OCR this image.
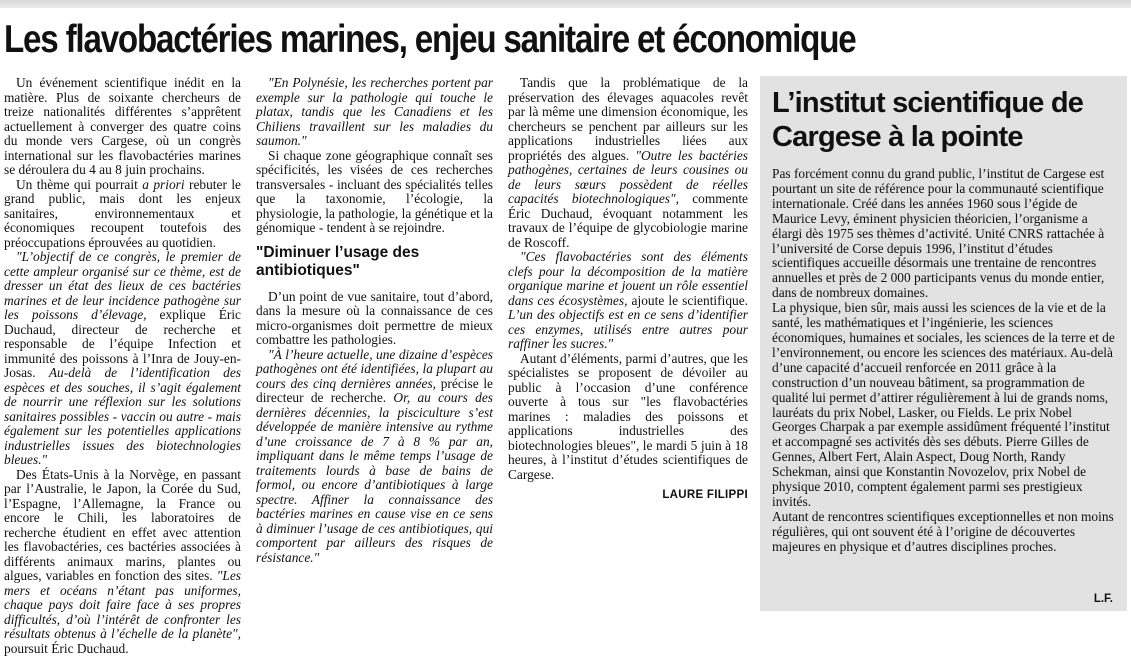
Les flavobactéries marines, enjeu sanitaire et économique

Un événement scientifique inédit en la matière. Plus de soixante chercheurs de treize nationalités différentes s’apprêtent actuellement à converger des quatre coins du monde vers Cargese, où un congrès international sur les flavobactéries marines se déroulera du 4 au 8 juin prochains.

Un thème qui pourrait a priori rebuter le grand public, mais dont les enjeux sanitaires, environnementaux et économiques recoupent toutefois des préoccupations éprouvées au quotidien.

"L’objectif de ce congrès, le premier de cette ampleur organisé sur ce thème, est de dresser un état des lieux de ces bactéries marines et de leur incidence pathogène sur les poissons d’élevage, explique Éric Duchaud, directeur de recherche et responsable de l’équipe Infection et immunité des poissons à l’Inra de Jouy-en-Josas. Au-delà de l’identification des espèces et des souches, il s’agit également de nourrir une réflexion sur les solutions sanitaires possibles - vaccin ou autre - mais également sur les potentielles applications industrielles issues des biotechnologies bleues."

Des États-Unis à la Norvège, en passant par l’Australie, le Japon, la Corée du Sud, l’Espagne, l’Allemagne, la France ou encore le Chili, les laboratoires de recherche étudient en effet avec attention les flavobactéries, ces bactéries associées à différents animaux marins, plantes ou algues, variables en fonction des sites. "Les mers et océans n’étant pas uniformes, chaque pays doit faire face à ses propres difficultés, d’où l’intérêt de confronter les résultats obtenus à l’échelle de la planète", poursuit Éric Duchaud.

"En Polynésie, les recherches portent par exemple sur la pathologie qui touche le platax, tandis que les Canadiens et les Chiliens travaillent sur les maladies du saumon."

Si chaque zone géographique connaît ses spécificités, les visées de ces recherches transversales - incluant des spécialités telles que la taxonomie, l’écologie, la physiologie, la pathologie, la génétique et la génomique - tendent à se rejoindre.

"Diminuer l’usage des antibiotiques"

D’un point de vue sanitaire, tout d’abord, dans la mesure où la connaissance de ces micro-organismes doit permettre de mieux combattre les pathologies.

"À l’heure actuelle, une dizaine d’espèces pathogènes ont été identifiées, la plupart au cours des cinq dernières années, précise le directeur de recherche. Or, au cours des dernières décennies, la pisciculture s’est développée de manière intensive au rythme d’une croissance de 7 à 8 % par an, impliquant dans le même temps l’usage de traitements lourds à base de bains de formol, ou encore d’antibiotiques à large spectre. Affiner la connaissance des bactéries marines en cause vise en ce sens à diminuer l’usage de ces antibiotiques, qui comportent par ailleurs des risques de résistance."

Tandis que la problématique de la préservation des élevages aquacoles revêt par là même une dimension économique, les chercheurs se penchent par ailleurs sur les applications industrielles liées aux propriétés des algues. "Outre les bactéries pathogènes, certaines de leurs cousines ou de leurs sœurs possèdent de réelles capacités biotechnologiques", commente Éric Duchaud, évoquant notamment les travaux de l’équipe de glycobiologie marine de Roscoff.

"Ces flavobactéries sont des éléments clefs pour la décomposition de la matière organique marine et jouent un rôle essentiel dans ces écosystèmes, ajoute le scientifique. L’un des objectifs est en ce sens d’identifier ces enzymes, utilisés entre autres pour raffiner les sucres."

Autant d’éléments, parmi d’autres, que les spécialistes se proposent de dévoiler au public à l’occasion d’une conférence ouverte à tous sur "les flavobactéries marines : maladies des poissons et applications industrielles des biotechnologies bleues", le mardi 5 juin à 18 heures, à l’institut d’études scientifiques de Cargese.

LAURE FILIPPI
L’institut scientifique de Cargese à la pointe

Pas forcément connu du grand public, l’institut de Cargese est pourtant un site de référence pour la communauté scientifique internationale. Créé dans les années 1960 sous l’égide de Maurice Levy, éminent physicien théoricien, l’organisme a élargi dès 1975 ses thèmes d’activité. Unité CNRS rattachée à l’université de Corse depuis 1996, l’institut d’études scientifiques accueille désormais une trentaine de rencontres annuelles et près de 2 000 participants venus du monde entier, dans de nombreux domaines.

La physique, bien sûr, mais aussi les sciences de la vie et de la santé, les mathématiques et l’ingénierie, les sciences économiques, humaines et sociales, les sciences de la terre et de l’environnement, ou encore les sciences des matériaux. Au-delà d’une capacité d’accueil renforcée en 2011 grâce à la construction d’un nouveau bâtiment, sa programmation de qualité lui permet d’attirer régulièrement à lui de grands noms, lauréats du prix Nobel, Lasker, ou Fields. Le prix Nobel Georges Charpak a par exemple assidûment fréquenté l’institut et accompagné ses activités dès ses débuts. Pierre Gilles de Gennes, Albert Fert, Alain Aspect, Doug North, Randy Schekman, ainsi que Konstantin Novozelov, prix Nobel de physique 2010, comptent également parmi ses prestigieux invités.

Autant de rencontres scientifiques exceptionnelles et non moins régulières, qui ont souvent été à l’origine de découvertes majeures en physique et d’autres disciplines proches.

L.F.
